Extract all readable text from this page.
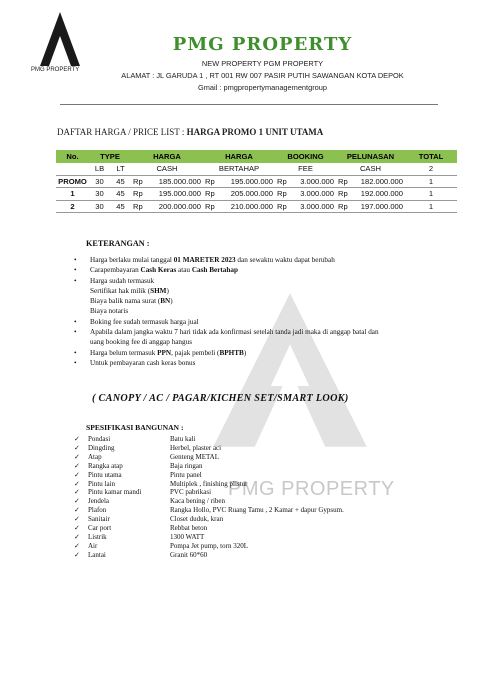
PMG PROPERTY
PMG PROPERTY
PMG PROPERTY
NEW PROPERTY PGM PROPERTY
ALAMAT : JL GARUDA 1 , RT 001 RW 007 PASIR PUTIH SAWANGAN KOTA DEPOK
Gmail : pmgpropertymanagementgroup
DAFTAR HARGA / PRICE LIST : HARGA PROMO 1 UNIT UTAMA
No.	TYPE		HARGA		HARGA		BOOKING		PELUNASAN		TOTAL
	LB	LT	CASH		BERTAHAP		FEE		CASH		2
PROMO	30	45	Rp	185.000.000	Rp	195.000.000	Rp	3.000.000	Rp	182.000.000	1
1	30	45	Rp	195.000.000	Rp	205.000.000	Rp	3.000.000	Rp	192.000.000	1
2	30	45	Rp	200.000.000	Rp	210.000.000	Rp	3.000.000	Rp	197.000.000	1
KETERANGAN :
• Harga berlaku mulai tanggal 01 MARETER 2023 dan sewaktu waktu dapat berubah
• Carapembayaran Cash Keras atau Cash Bertahap
• Harga sudah termasuk
Sertifikat hak milik (SHM)
Biaya balik nama surat (BN)
Biaya notaris
• Boking fee sudah termasuk harga jual
• Apabila dalam jangka waktu 7 hari tidak ada konfirmasi setelah tanda jadi maka di anggap batal dan
uang booking fee di anggap hangus
• Harga belum termasuk PPN, pajak pembeli (BPHTB)
• Untuk pembayaran cash keras bonus
( CANOPY / AC / PAGAR/KICHEN SET/SMART LOOK)
SPESIFIKASI BANGUNAN :
✓	Pondasi	Batu kali
✓	Dingding	Herbel, plaster aci
✓	Atap	Genteng METAL
✓	Rangka atap	Baja ringan
✓	Pintu utama	Pintu panel
✓	Pintu lain	Multiplek , finishing plistur
✓	Pintu kamar mandi	PVC pabrikasi
✓	Jendela	Kaca bening / riben
✓	Plafon	Rangka Hollo, PVC Ruang Tamu , 2 Kamar + dapur Gypsum.
✓	Sanitair	Closet duduk, kran
✓	Car port	Rebbat beton
✓	Listrik	1300 WATT
✓	Air	Pompa Jet pump, torn 320L
✓	Lantai	Granit 60*60
